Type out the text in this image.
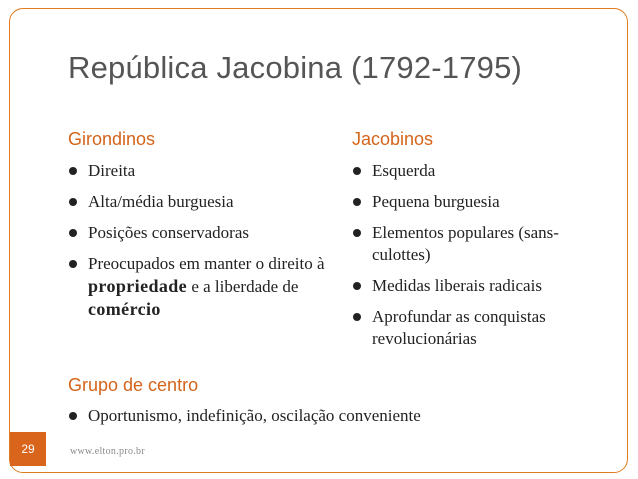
República Jacobina (1792-1795)
Girondinos
Direita
Alta/média burguesia
Posições conservadoras
Preocupados em manter o direito à propriedade e a liberdade de comércio
Jacobinos
Esquerda
Pequena burguesia
Elementos populares (sans-culottes)
Medidas liberais radicais
Aprofundar as conquistas revolucionárias
Grupo de centro
Oportunismo, indefinição, oscilação conveniente
www.elton.pro.br
29
